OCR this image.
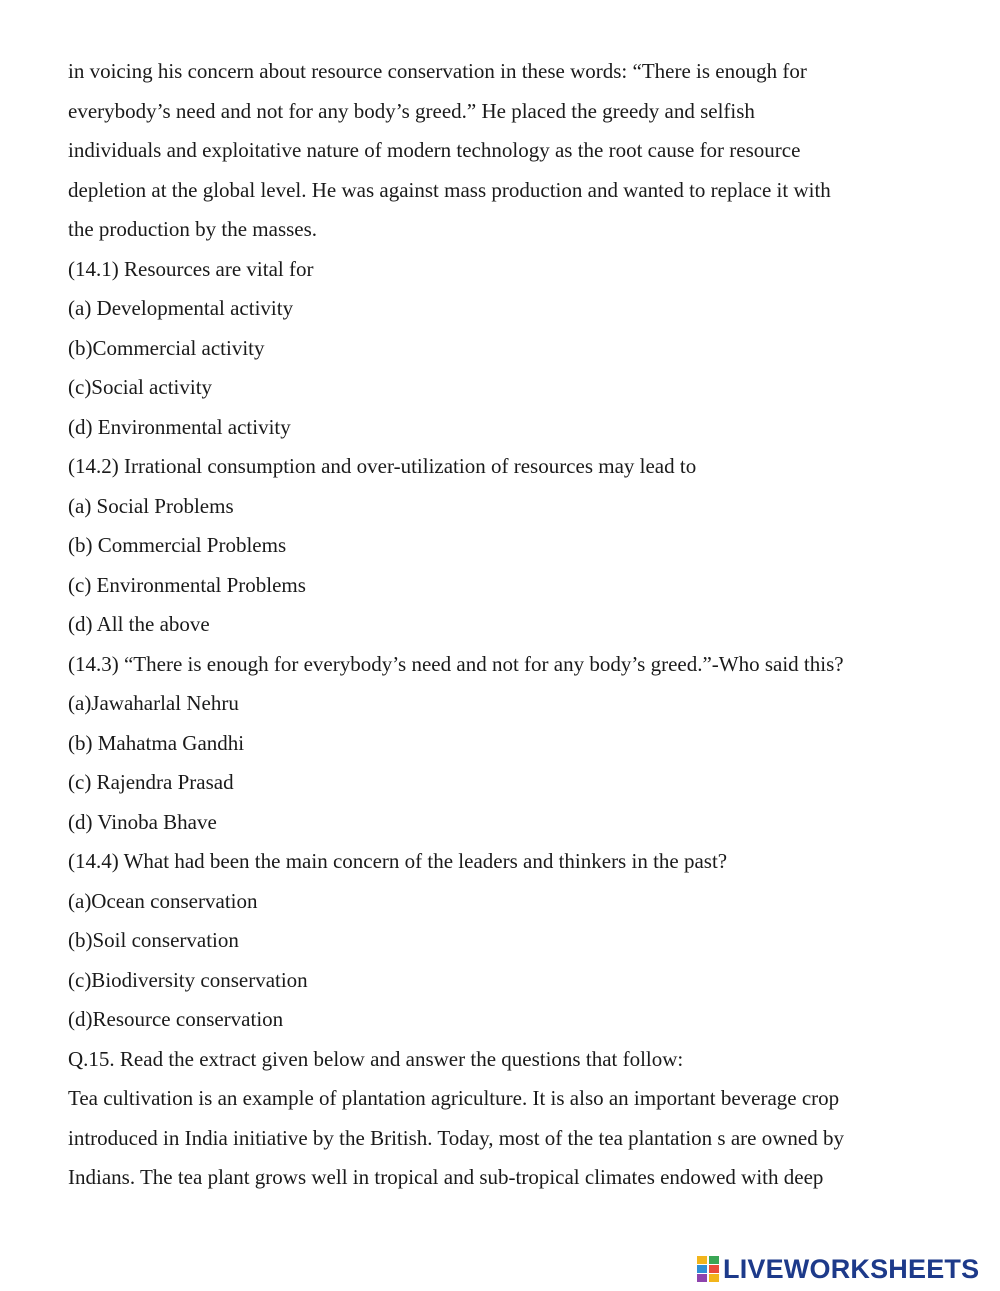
in voicing his concern about resource conservation in these words: “There is enough for
everybody’s need and not for any body’s greed.” He placed the greedy and selfish
individuals and exploitative nature of modern technology as the root cause for resource
depletion at the global level. He was against mass production and wanted to replace it with
the production by the masses.
(14.1) Resources are vital for
(a) Developmental activity
(b)Commercial activity
(c)Social activity
(d) Environmental activity
(14.2) Irrational consumption and over-utilization of resources may lead to
(a) Social Problems
(b) Commercial Problems
(c) Environmental Problems
(d) All the above
(14.3) “There is enough for everybody’s need and not for any body’s greed.”-Who said this?
(a)Jawaharlal Nehru
(b) Mahatma Gandhi
(c) Rajendra Prasad
(d) Vinoba Bhave
(14.4) What had been the main concern of the leaders and thinkers in the past?
(a)Ocean conservation
(b)Soil conservation
(c)Biodiversity conservation
(d)Resource conservation
Q.15. Read the extract given below and answer the questions that follow:
Tea cultivation is an example of plantation agriculture. It is also an important beverage crop
introduced in India initiative by the British. Today, most of the tea plantation s are owned by
Indians. The tea plant grows well in tropical and sub-tropical climates endowed with deep
LIVEWORKSHEETS
